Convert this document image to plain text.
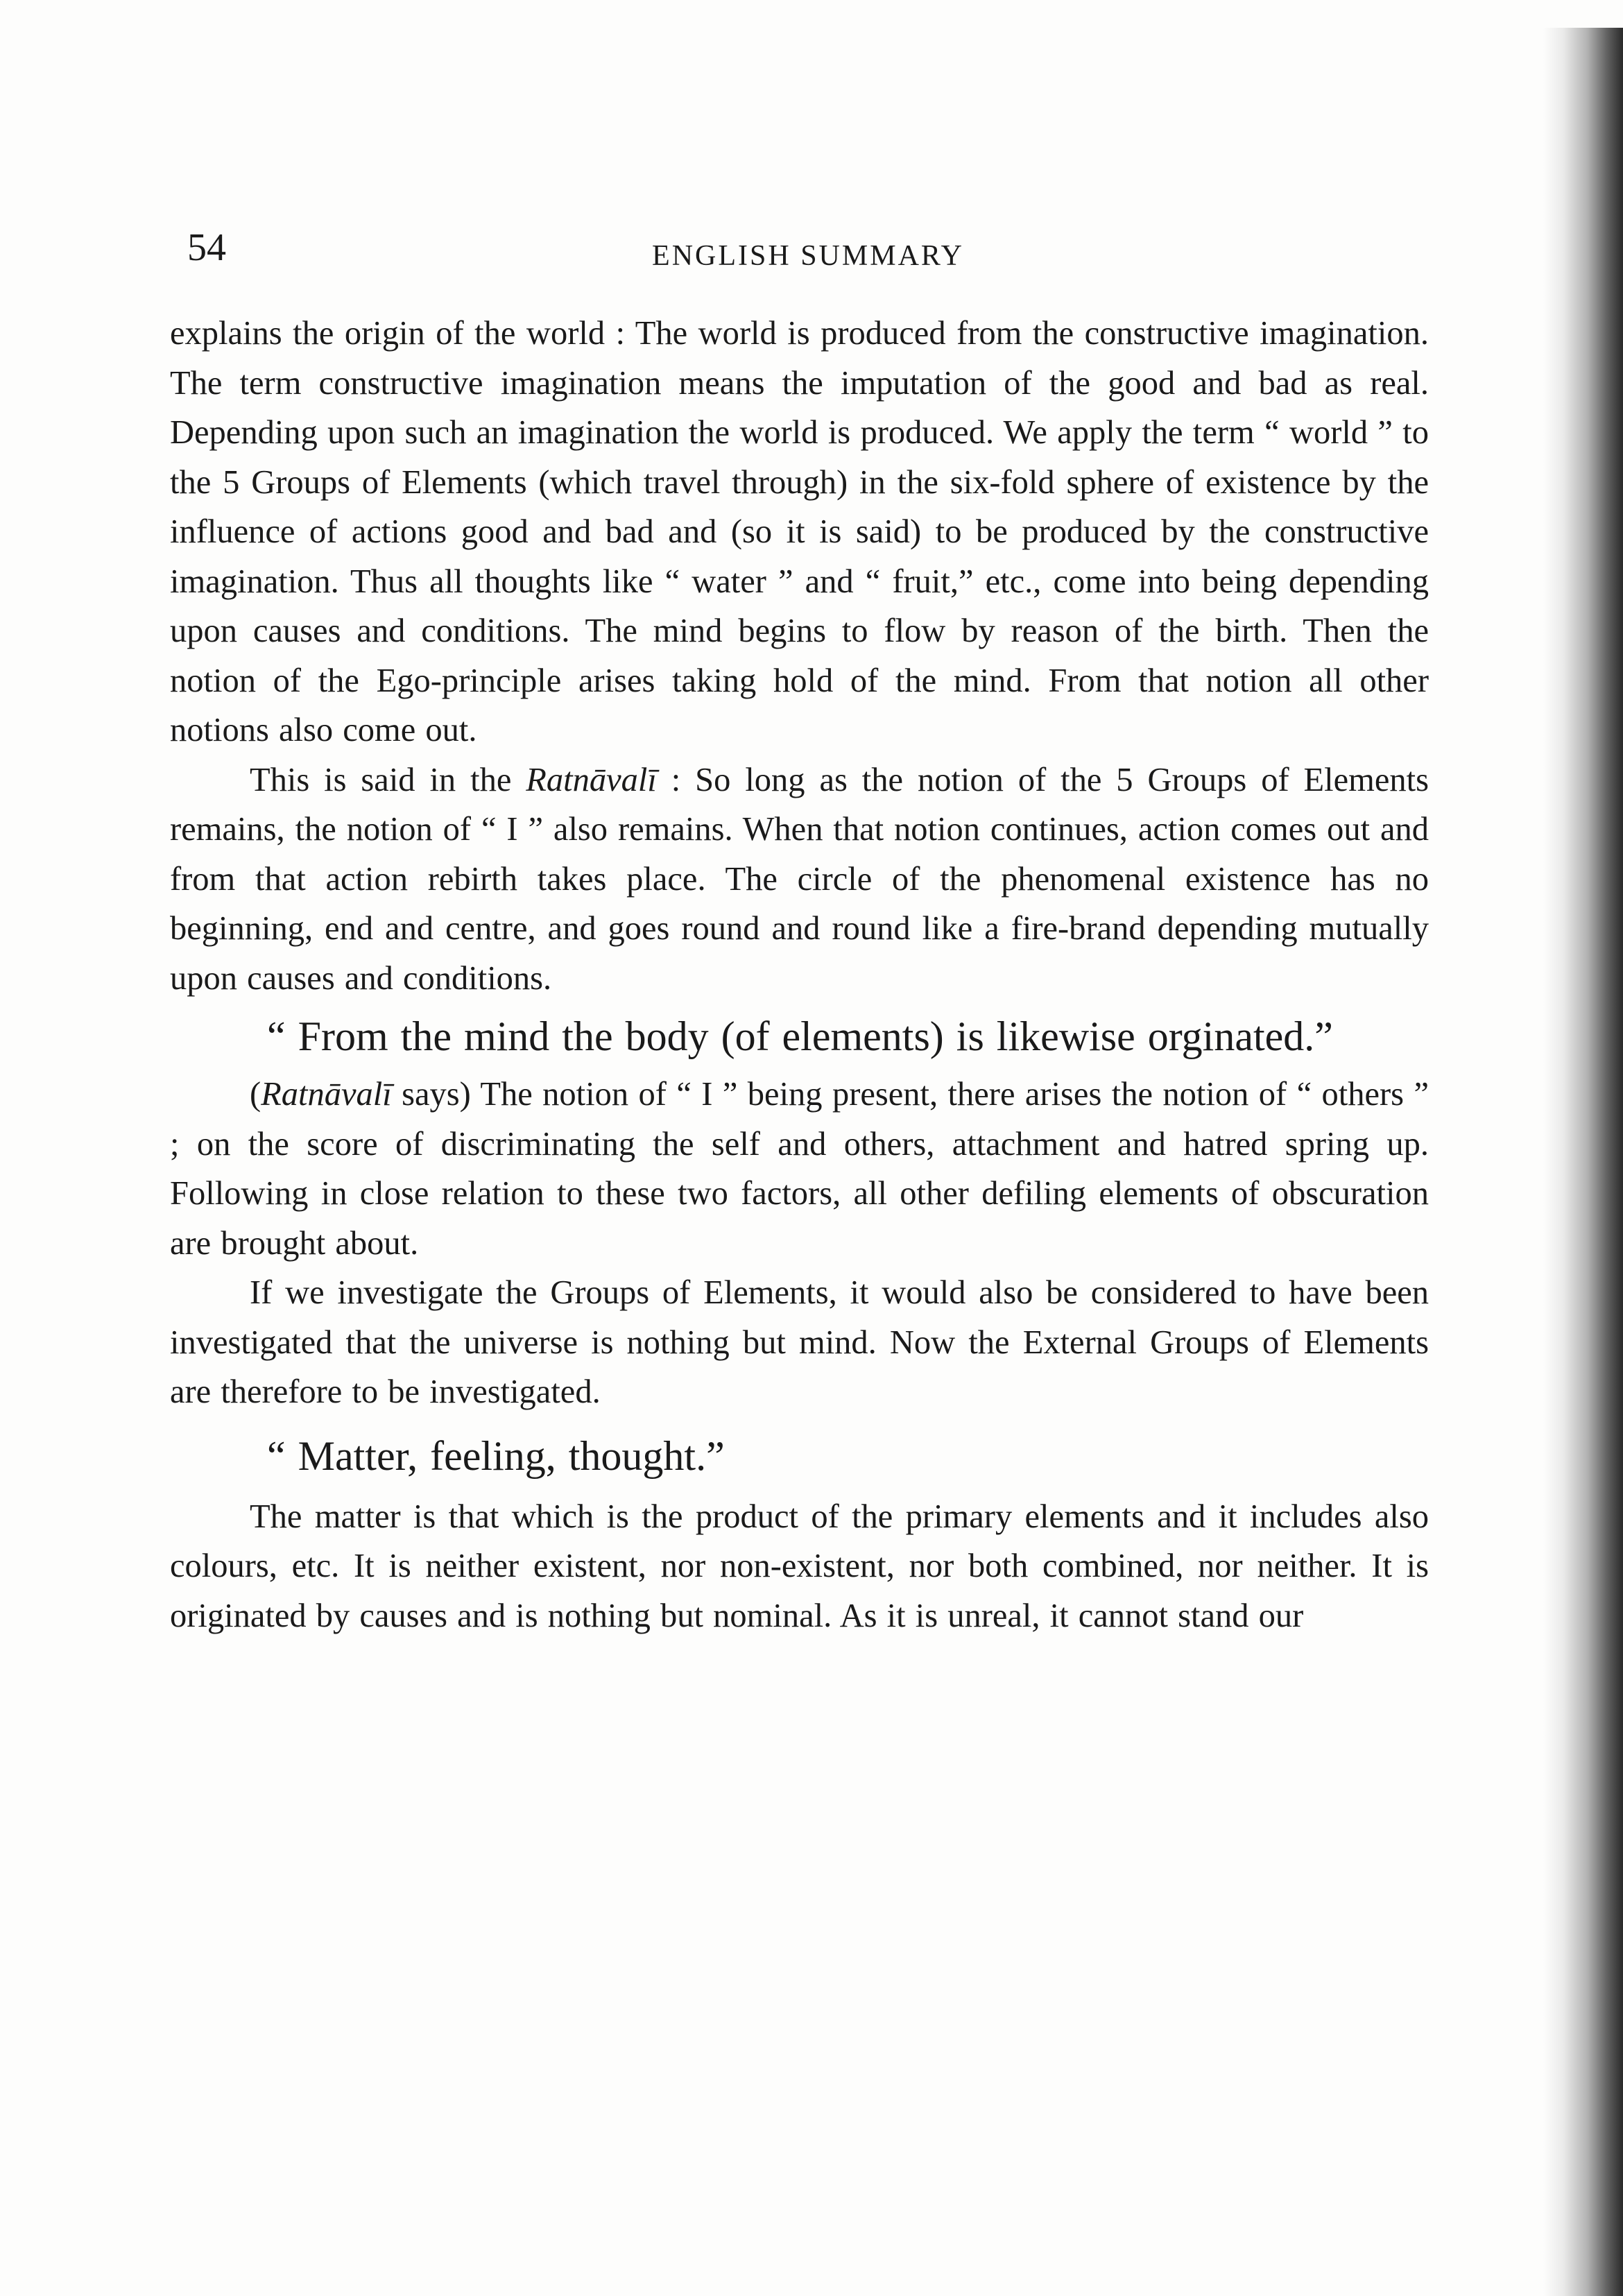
54	ENGLISH SUMMARY

explains the origin of the world : The world is produced from the constructive imagination. The term constructive imagination means the imputation of the good and bad as real. Depending upon such an imagination the world is produced. We apply the term “ world ” to the 5 Groups of Elements (which travel through) in the six-fold sphere of existence by the influence of actions good and bad and (so it is said) to be produced by the constructive imagination. Thus all thoughts like “ water ” and “ fruit,” etc., come into being depending upon causes and conditions. The mind begins to flow by reason of the birth. Then the notion of the Ego-principle arises taking hold of the mind. From that notion all other notions also come out.

This is said in the Ratnāvalī : So long as the notion of the 5 Groups of Elements remains, the notion of “ I ” also remains. When that notion continues, action comes out and from that action rebirth takes place. The circle of the phenomenal existence has no beginning, end and centre, and goes round and round like a fire-brand depending mutually upon causes and conditions.

“ From the mind the body (of elements) is likewise orginated.”

(Ratnāvalī says) The notion of “ I ” being present, there arises the notion of “ others ” ; on the score of discriminating the self and others, attachment and hatred spring up. Following in close relation to these two factors, all other defiling elements of obscuration are brought about.

If we investigate the Groups of Elements, it would also be considered to have been investigated that the universe is nothing but mind. Now the External Groups of Elements are therefore to be investigated.

“ Matter, feeling, thought.”

The matter is that which is the product of the primary elements and it includes also colours, etc. It is neither existent, nor non-existent, nor both combined, nor neither. It is originated by causes and is nothing but nominal. As it is unreal, it cannot stand our
